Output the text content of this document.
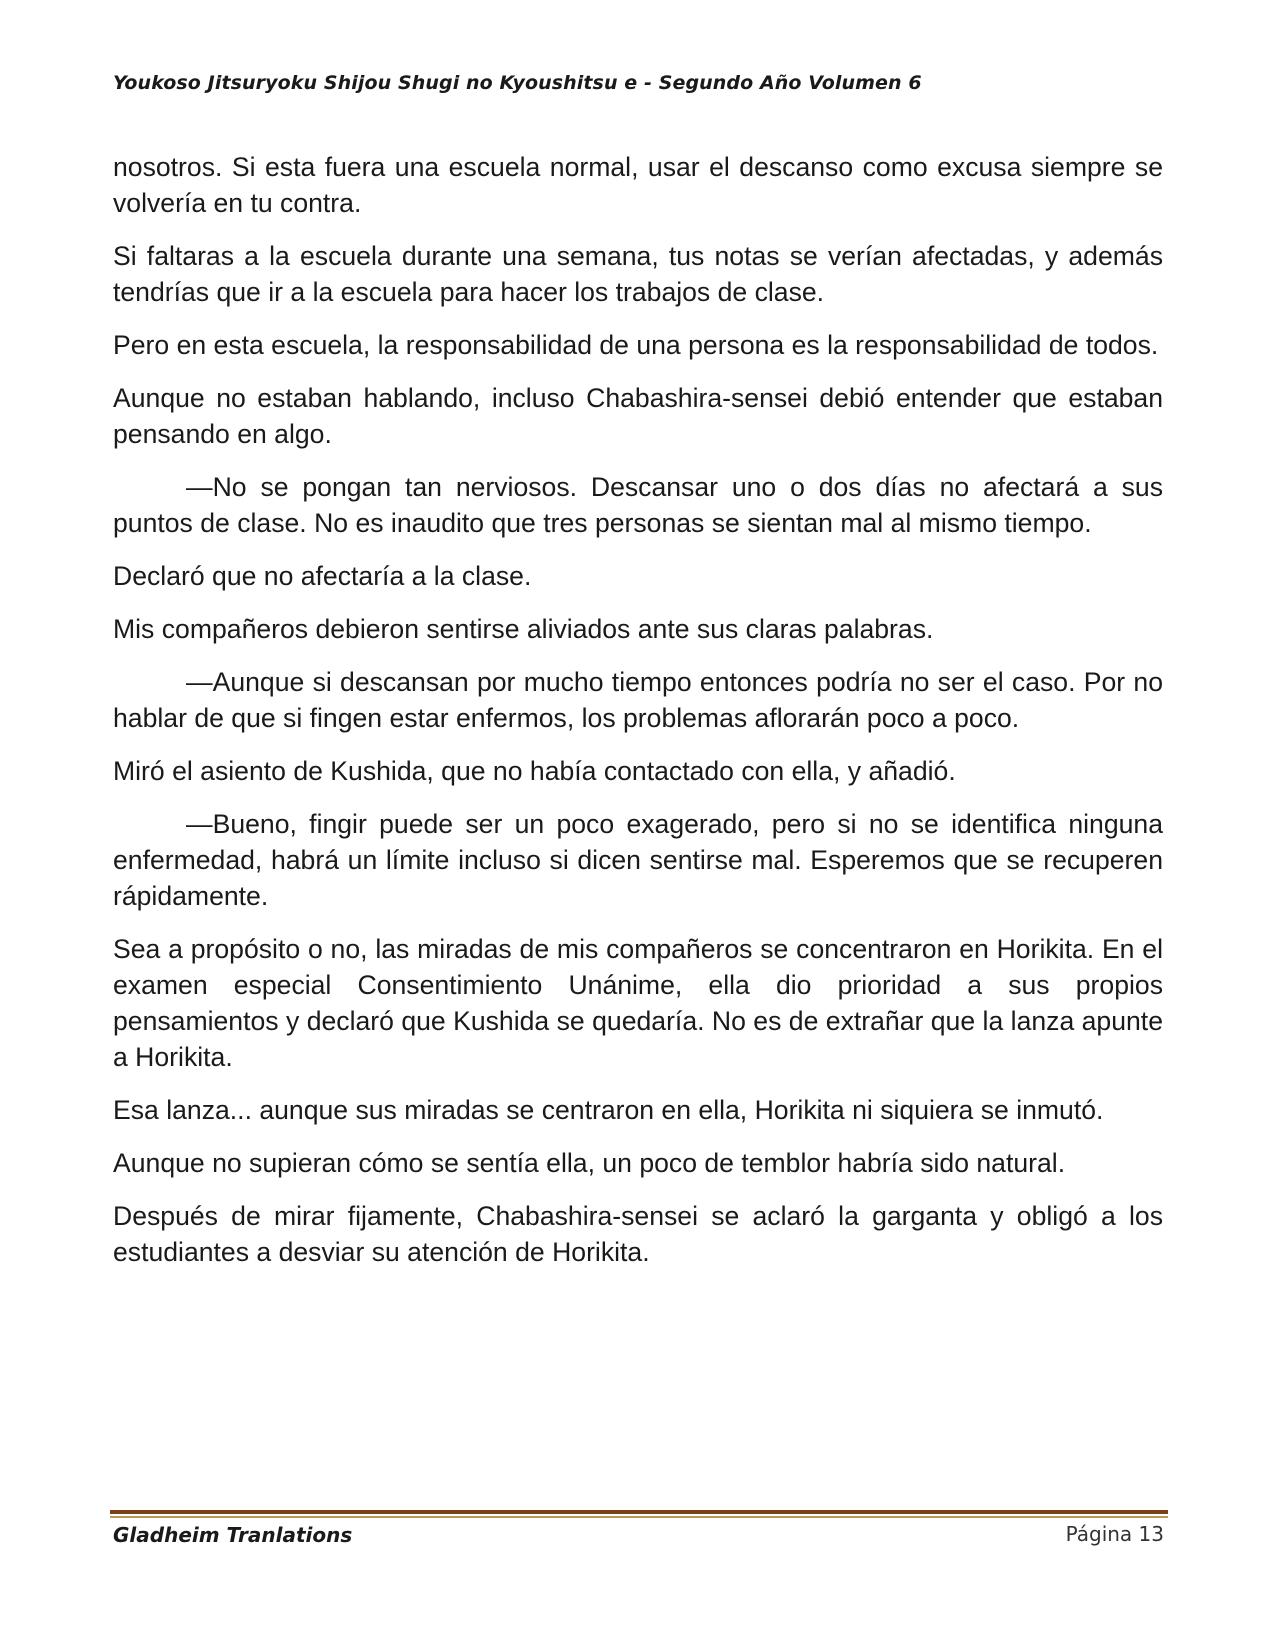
Youkoso Jitsuryoku Shijou Shugi no Kyoushitsu e - Segundo Año Volumen 6

nosotros. Si esta fuera una escuela normal, usar el descanso como excusa siempre se volvería en tu contra.

Si faltaras a la escuela durante una semana, tus notas se verían afectadas, y además tendrías que ir a la escuela para hacer los trabajos de clase.

Pero en esta escuela, la responsabilidad de una persona es la responsabilidad de todos.

Aunque no estaban hablando, incluso Chabashira-sensei debió entender que estaban pensando en algo.

—No se pongan tan nerviosos. Descansar uno o dos días no afectará a sus puntos de clase. No es inaudito que tres personas se sientan mal al mismo tiempo.

Declaró que no afectaría a la clase.

Mis compañeros debieron sentirse aliviados ante sus claras palabras.

—Aunque si descansan por mucho tiempo entonces podría no ser el caso. Por no hablar de que si fingen estar enfermos, los problemas aflorarán poco a poco.

Miró el asiento de Kushida, que no había contactado con ella, y añadió.

—Bueno, fingir puede ser un poco exagerado, pero si no se identifica ninguna enfermedad, habrá un límite incluso si dicen sentirse mal. Esperemos que se recuperen rápidamente.

Sea a propósito o no, las miradas de mis compañeros se concentraron en Horikita. En el examen especial Consentimiento Unánime, ella dio prioridad a sus propios pensamientos y declaró que Kushida se quedaría. No es de extrañar que la lanza apunte a Horikita.

Esa lanza... aunque sus miradas se centraron en ella, Horikita ni siquiera se inmutó.

Aunque no supieran cómo se sentía ella, un poco de temblor habría sido natural.

Después de mirar fijamente, Chabashira-sensei se aclaró la garganta y obligó a los estudiantes a desviar su atención de Horikita.

Gladheim Tranlations	Página 13
